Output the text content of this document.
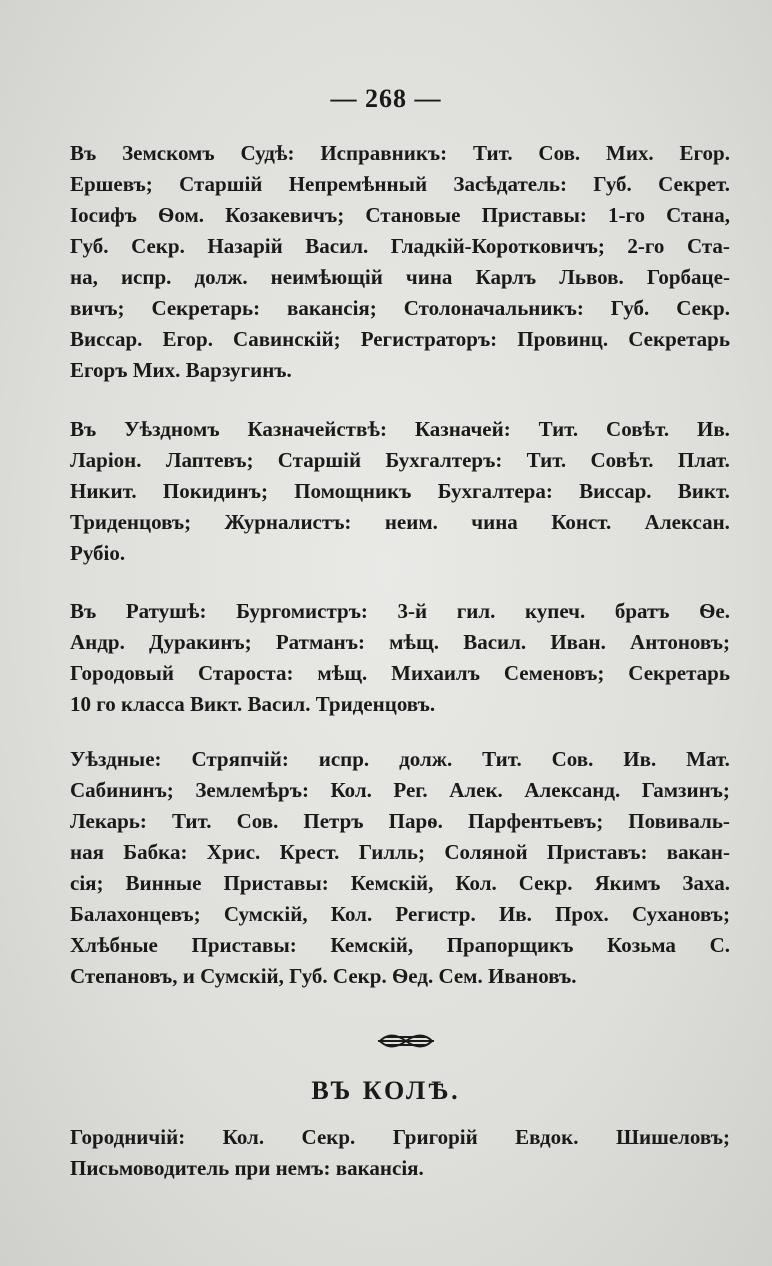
— 268 —
Въ Земскомъ Судѣ: Исправникъ: Тит. Сов. Мих. Егор.
Ершевъ; Старшій Непремѣнный Засѣдатель: Губ. Секрет.
Іосифъ Ѳом. Козакевичъ; Становые Приставы: 1-го Стана,
Губ. Секр. Назарій Васил. Гладкій-Коротковичъ; 2-го Ста-
на, испр. долж. неимѣющій чина Карлъ Львов. Горбаце-
вичъ; Секретарь: вакансія; Столоначальникъ: Губ. Секр.
Виссар. Егор. Савинскій; Регистраторъ: Провинц. Секретарь
Егоръ Мих. Варзугинъ.
Въ Уѣздномъ Казначействѣ: Казначей: Тит. Совѣт. Ив.
Ларіон. Лаптевъ; Старшій Бухгалтеръ: Тит. Совѣт. Плат.
Никит. Покидинъ; Помощникъ Бухгалтера: Виссар. Викт.
Триденцовъ; Журналистъ: неим. чина Конст. Алексан.
Рубіо.
Въ Ратушѣ: Бургомистръ: 3-й гил. купеч. братъ Ѳе.
Андр. Дуракинъ; Ратманъ: мѣщ. Васил. Иван. Антоновъ;
Городовый Староста: мѣщ. Михаилъ Семеновъ; Секретарь
10 го класса Викт. Васил. Триденцовъ.
Уѣздные: Стряпчій: испр. долж. Тит. Сов. Ив. Мат.
Сабининъ; Землемѣръ: Кол. Рег. Алек. Александ. Гамзинъ;
Лекарь: Тит. Сов. Петръ Парѳ. Парфентьевъ; Повиваль-
ная Бабка: Хрис. Крест. Гилль; Соляной Приставъ: вакан-
сія; Винные Приставы: Кемскій, Кол. Секр. Якимъ Заха.
Балахонцевъ; Сумскій, Кол. Регистр. Ив. Прох. Сухановъ;
Хлѣбные Приставы: Кемскій, Прапорщикъ Козьма С.
Степановъ, и Сумскій, Губ. Секр. Ѳед. Сем. Ивановъ.
ВЪ КОЛѢ.
Городничій: Кол. Секр. Григорій Евдок. Шишеловъ;
Письмоводитель при немъ: вакансія.
